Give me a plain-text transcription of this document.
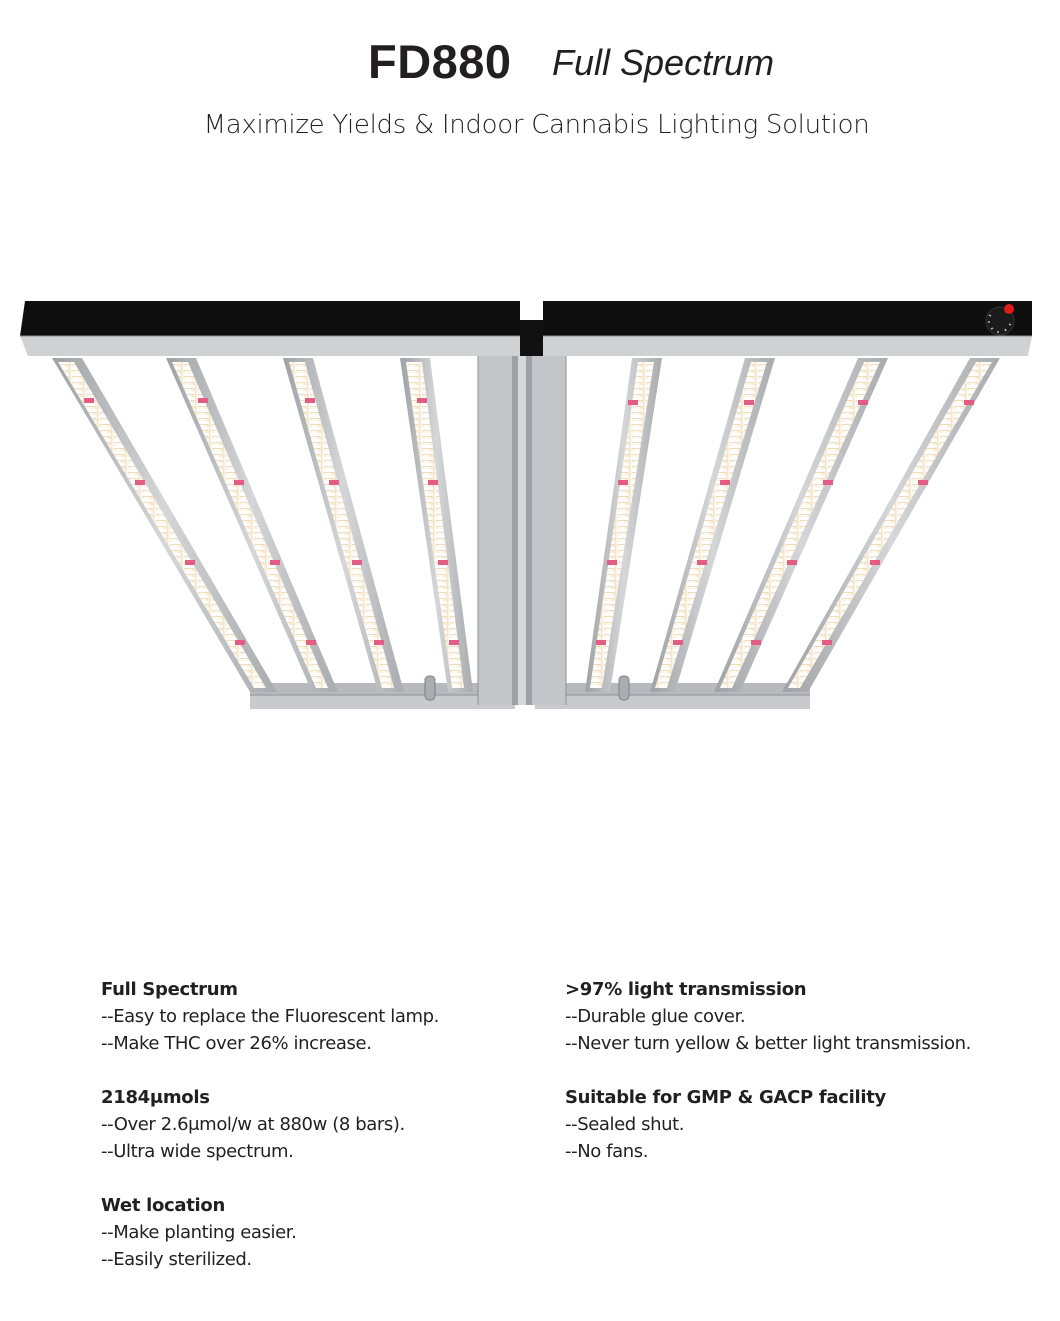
FD880 Full Spectrum
Maximize Yields & Indoor Cannabis Lighting Solution
Full Spectrum

--Easy to replace the Fluorescent lamp.

--Make THC over 26% increase.

2184μmols

--Over 2.6μmol/w at 880w (8 bars).

--Ultra wide spectrum.

Wet location

--Make planting easier.

--Easily sterilized.

>97% light transmission

--Durable glue cover.

--Never turn yellow & better light transmission.

Suitable for GMP & GACP facility

--Sealed shut.

--No fans.
